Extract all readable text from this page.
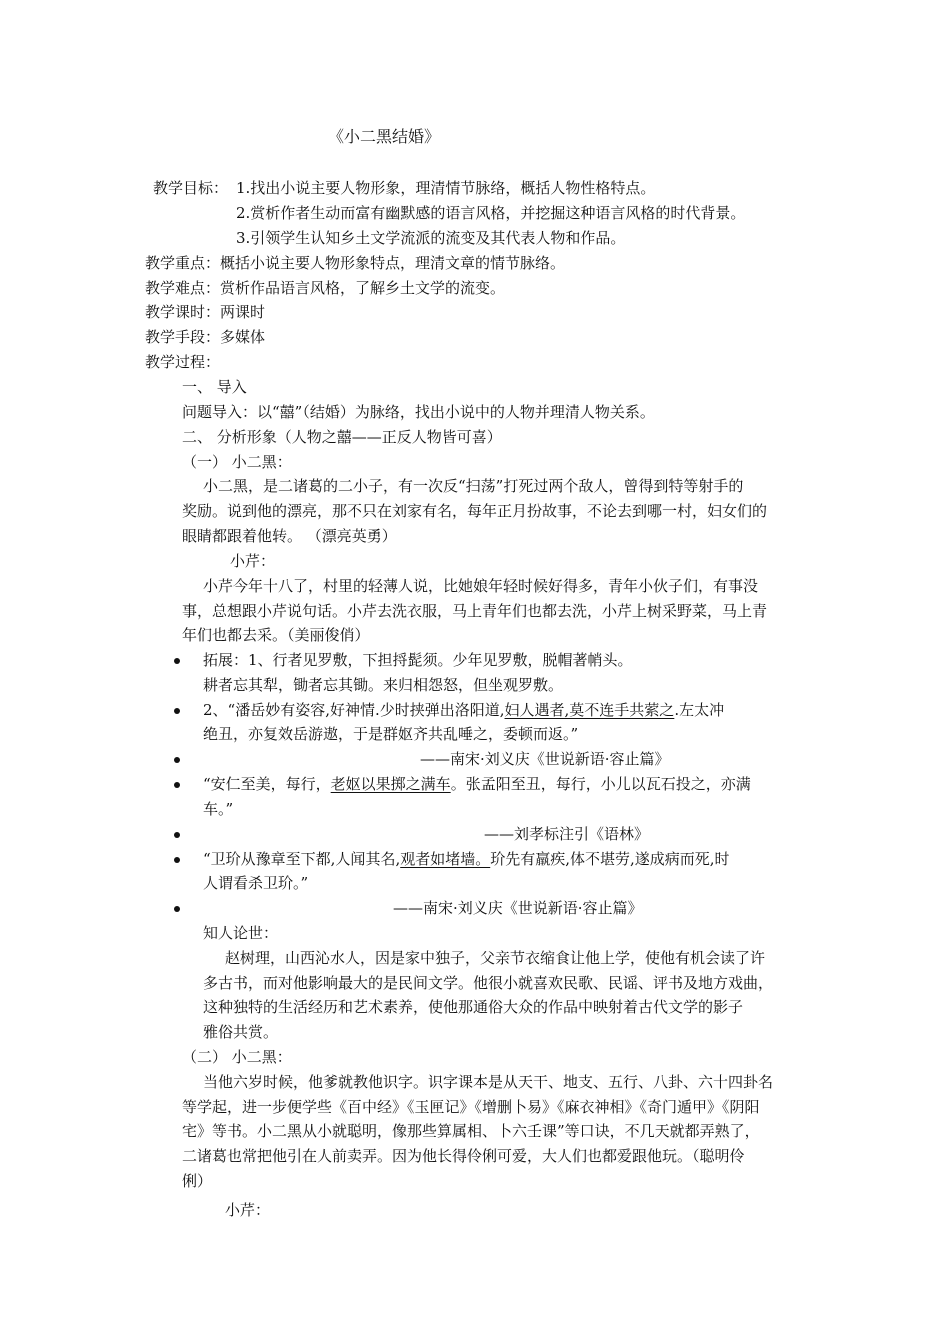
《小二黑结婚》
教学目标： 1.找出小说主要人物形象，理清情节脉络，概括人物性格特点。
2.赏析作者生动而富有幽默感的语言风格，并挖掘这种语言风格的时代背景。
3.引领学生认知乡土文学流派的流变及其代表人物和作品。
教学重点：概括小说主要人物形象特点，理清文章的情节脉络。
教学难点：赏析作品语言风格，了解乡土文学的流变。
教学课时：两课时
教学手段：多媒体
教学过程：
一、 导入
问题导入：以“囍”（结婚）为脉络，找出小说中的人物并理清人物关系。
二、 分析形象（人物之囍——正反人物皆可喜）
（一） 小二黑：
小二黑，是二诸葛的二小子，有一次反“扫荡”打死过两个敌人，曾得到特等射手的
奖励。说到他的漂亮，那不只在刘家有名，每年正月扮故事，不论去到哪一村，妇女们的
眼睛都跟着他转。 （漂亮英勇）
小芹：
小芹今年十八了，村里的轻薄人说，比她娘年轻时候好得多，青年小伙子们，有事没
事，总想跟小芹说句话。小芹去洗衣服，马上青年们也都去洗，小芹上树采野菜，马上青
年们也都去采。（美丽俊俏）
拓展：1、行者见罗敷，下担捋髭须。少年见罗敷，脱帽著帩头。
耕者忘其犁，锄者忘其锄。来归相怨怒，但坐观罗敷。
2、“潘岳妙有姿容,好神情.少时挟弹出洛阳道,妇人遇者,莫不连手共萦之.左太冲
绝丑，亦复效岳游遨，于是群妪齐共乱唾之，委顿而返。”
——南宋·刘义庆《世说新语·容止篇》
“安仁至美，每行，老妪以果掷之满车。张孟阳至丑，每行，小儿以瓦石投之，亦满
车。”
——刘孝标注引《语林》
“卫玠从豫章至下都,人闻其名,观者如堵墙。玠先有羸疾,体不堪劳,遂成病而死,时
人谓看杀卫玠。”
——南宋·刘义庆《世说新语·容止篇》
知人论世：
赵树理，山西沁水人，因是家中独子，父亲节衣缩食让他上学，使他有机会读了许
多古书，而对他影响最大的是民间文学。他很小就喜欢民歌、民谣、评书及地方戏曲，
这种独特的生活经历和艺术素养，使他那通俗大众的作品中映射着古代文学的影子
雅俗共赏。
（二） 小二黑：
当他六岁时候，他爹就教他识字。识字课本是从天干、地支、五行、八卦、六十四卦名
等学起，进一步便学些《百中经》《玉匣记》《增删卜易》《麻衣神相》《奇门遁甲》《阴阳
宅》等书。小二黑从小就聪明，像那些算属相、卜六壬课”等口诀，不几天就都弄熟了，
二诸葛也常把他引在人前卖弄。因为他长得伶俐可爱，大人们也都爱跟他玩。（聪明伶
俐）
小芹：
